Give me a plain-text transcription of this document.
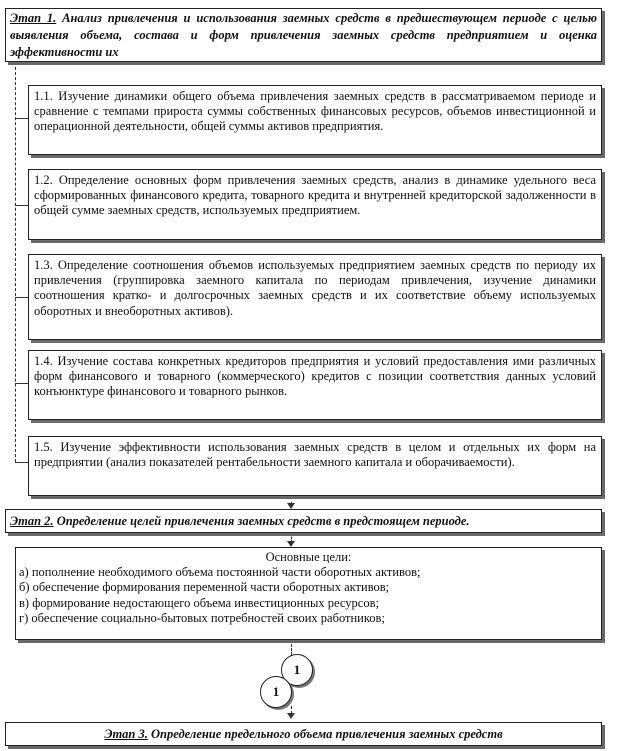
Этап 1. Анализ привлечения и использования заемных средств в предшествующем периоде с целью выявления объема, состава и форм привлечения заемных средств предприятием и оценка эффективности их
1.1. Изучение динамики общего объема привлечения заемных средств в рассматриваемом периоде и сравнение с темпами прироста суммы собственных финансовых ресурсов, объемов инвестиционной и операционной деятельности, общей суммы активов предприятия.
1.2. Определение основных форм привлечения заемных средств, анализ в динамике удельного веса сформированных финансового кредита, товарного кредита и внутренней кредиторской задолженности в общей сумме заемных средств, используемых предприятием.
1.3. Определение соотношения объемов используемых предприятием заемных средств по периоду их привлечения (группировка заемного капитала по периодам привлечения, изучение динамики соотношения кратко- и долгосрочных заемных средств и их соответствие объему используемых оборотных и внеоборотных активов).
1.4. Изучение состава конкретных кредиторов предприятия и условий предоставления ими различных форм финансового и товарного (коммерческого) кредитов с позиции соответствия данных условий конъюнктуре финансового и товарного рынков.
1.5. Изучение эффективности использования заемных средств в целом и отдельных их форм на предприятии (анализ показателей рентабельности заемного капитала и оборачиваемости).
Этап 2. Определение целей привлечения заемных средств в предстоящем периоде.
Основные цели:
а) пополнение необходимого объема постоянной части оборотных активов;
б) обеспечение формирования переменной части оборотных активов;
в) формирование недостающего объема инвестиционных ресурсов;
г) обеспечение социально-бытовых потребностей своих работников;
1
1
Этап 3. Определение предельного объема привлечения заемных средств
